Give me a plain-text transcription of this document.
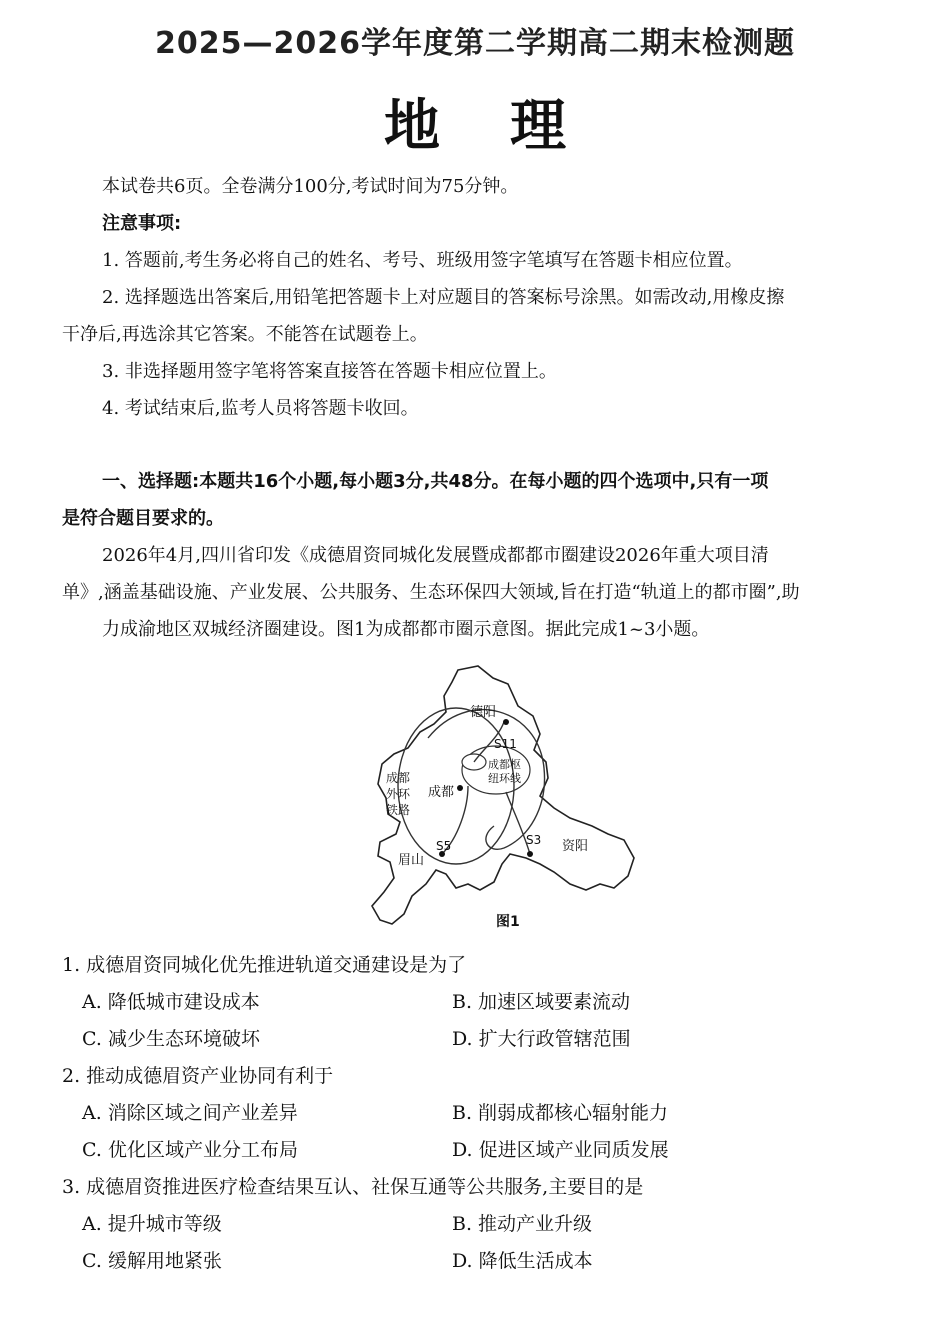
2025—2026学年度第二学期高二期末检测题
地理
本试卷共6页。全卷满分100分,考试时间为75分钟。
注意事项:
1. 答题前,考生务必将自己的姓名、考号、班级用签字笔填写在答题卡相应位置。
2. 选择题选出答案后,用铅笔把答题卡上对应题目的答案标号涂黑。如需改动,用橡皮擦
干净后,再选涂其它答案。不能答在试题卷上。
3. 非选择题用签字笔将答案直接答在答题卡相应位置上。
4. 考试结束后,监考人员将答题卡收回。
一、选择题:本题共16个小题,每小题3分,共48分。在每小题的四个选项中,只有一项
是符合题目要求的。
2026年4月,四川省印发《成德眉资同城化发展暨成都都市圈建设2026年重大项目清
单》,涵盖基础设施、产业发展、公共服务、生态环保四大领域,旨在打造“轨道上的都市圈”,助
力成渝地区双城经济圈建设。图1为成都都市圈示意图。据此完成1~3小题。
德阳
S11
成都
外环
铁路
成都
成都枢
纽环线
S5	S3
眉山
资阳
图1
1. 成德眉资同城化优先推进轨道交通建设是为了
A. 降低城市建设成本	B. 加速区域要素流动
C. 减少生态环境破坏	D. 扩大行政管辖范围
2. 推动成德眉资产业协同有利于
A. 消除区域之间产业差异	B. 削弱成都核心辐射能力
C. 优化区域产业分工布局	D. 促进区域产业同质发展
3. 成德眉资推进医疗检查结果互认、社保互通等公共服务,主要目的是
A. 提升城市等级	B. 推动产业升级
C. 缓解用地紧张	D. 降低生活成本
